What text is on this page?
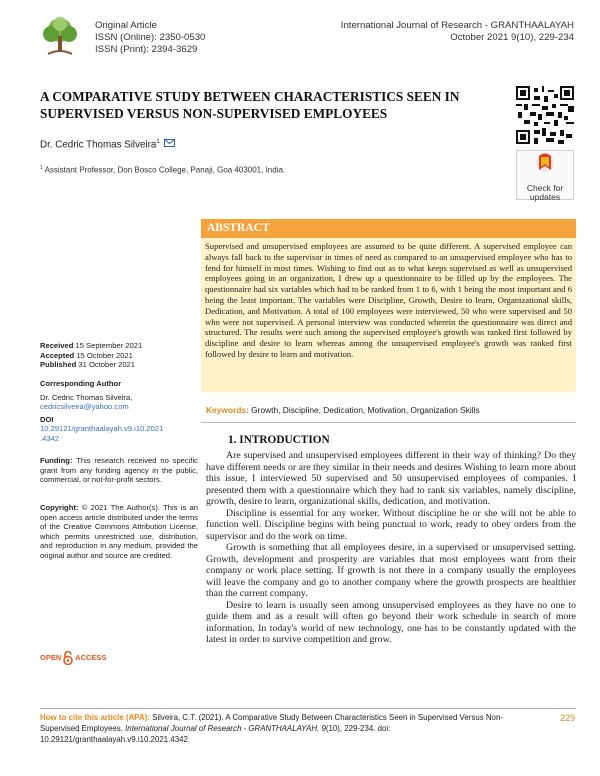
Original Article
ISSN (Online): 2350-0530
ISSN (Print): 2394-3629
International Journal of Research - GRANTHAALAYAH
October 2021 9(10), 229-234
A COMPARATIVE STUDY BETWEEN CHARACTERISTICS SEEN IN
SUPERVISED VERSUS NON-SUPERVISED EMPLOYEES
Dr. Cedric Thomas Silveira$^1$
$^1$ Assistant Professor, Don Bosco College, Panaji, Goa 403001, India.
Check for
updates
ABSTRACT
Supervised and unsupervised employees are assumed to be quite different. A supervised employee can always fall back to the supervisor in times of need as compared to an unsupervised employee who has to fend for himself in most times. Wishing to find out as to what keeps supervised as well as unsupervised employees going in an organization, I drew up a questionnaire to be filled up by the employees. The questionnaire had six variables which had to be ranked from 1 to 6, with 1 being the most important and 6 being the least important. The variables were Discipline, Growth, Desire to learn, Organizational skills, Dedication, and Motivation. A total of 100 employees were interviewed, 50 who were supervised and 50 who were not supervised. A personal interview was conducted wherein the questionnaire was direct and structured. The results were such among the supervised employee's growth was ranked first followed by discipline and desire to learn whereas among the unsupervised employee's growth was ranked first followed by desire to learn and motivation.
Keywords: Growth, Discipline, Dedication, Motivation, Organization Skills
Received 15 September 2021
Accepted 15 October 2021
Published 31 October 2021
Corresponding Author
Dr. Cedric Thomas Silveira,
cedricsilveira@yahoo.com
DOI
10.29121/granthaalayah.v9.i10.2021
.4342
Funding: This research received no specific grant from any funding agency in the public, commercial, or not-for-profit sectors.
Copyright: © 2021 The Author(s). This is an open access article distributed under the terms of the Creative Commons Attribution License, which permits unrestricted use, distribution, and reproduction in any medium, provided the original author and source are credited.
OPEN ACCESS
1. INTRODUCTION

Are supervised and unsupervised employees different in their way of thinking? Do they have different needs or are they similar in their needs and desires Wishing to learn more about this issue, I interviewed 50 supervised and 50 unsupervised employees of companies. I presented them with a questionnaire which they had to rank six variables, namely discipline, growth, desire to learn, organizational skills, dedication, and motivation.

Discipline is essential for any worker. Without discipline he or she will not be able to function well. Discipline begins with being punctual to work, ready to obey orders from the supervisor and do the work on time.

Growth is something that all employees desire, in a supervised or unsupervised setting. Growth, development and prosperity are variables that most employees want from their company or work place setting. If growth is not there in a company usually the employees will leave the company and go to another company where the growth prospects are healthier than the current company.

Desire to learn is usually seen among unsupervised employees as they have no one to guide them and as a result will often go beyond their work schedule in search of more information. In today's world of new technology, one has to be constantly updated with the latest in order to survive competition and grow.

How to cite this article (APA): Silveira, C.T. (2021). A Comparative Study Between Characteristics Seen in Supervised Versus Non-Supervised Employees. International Journal of Research - GRANTHAALAYAH, 9(10), 229-234. doi: 10.29121/granthaalayah.v9.i10.2021.4342
229
